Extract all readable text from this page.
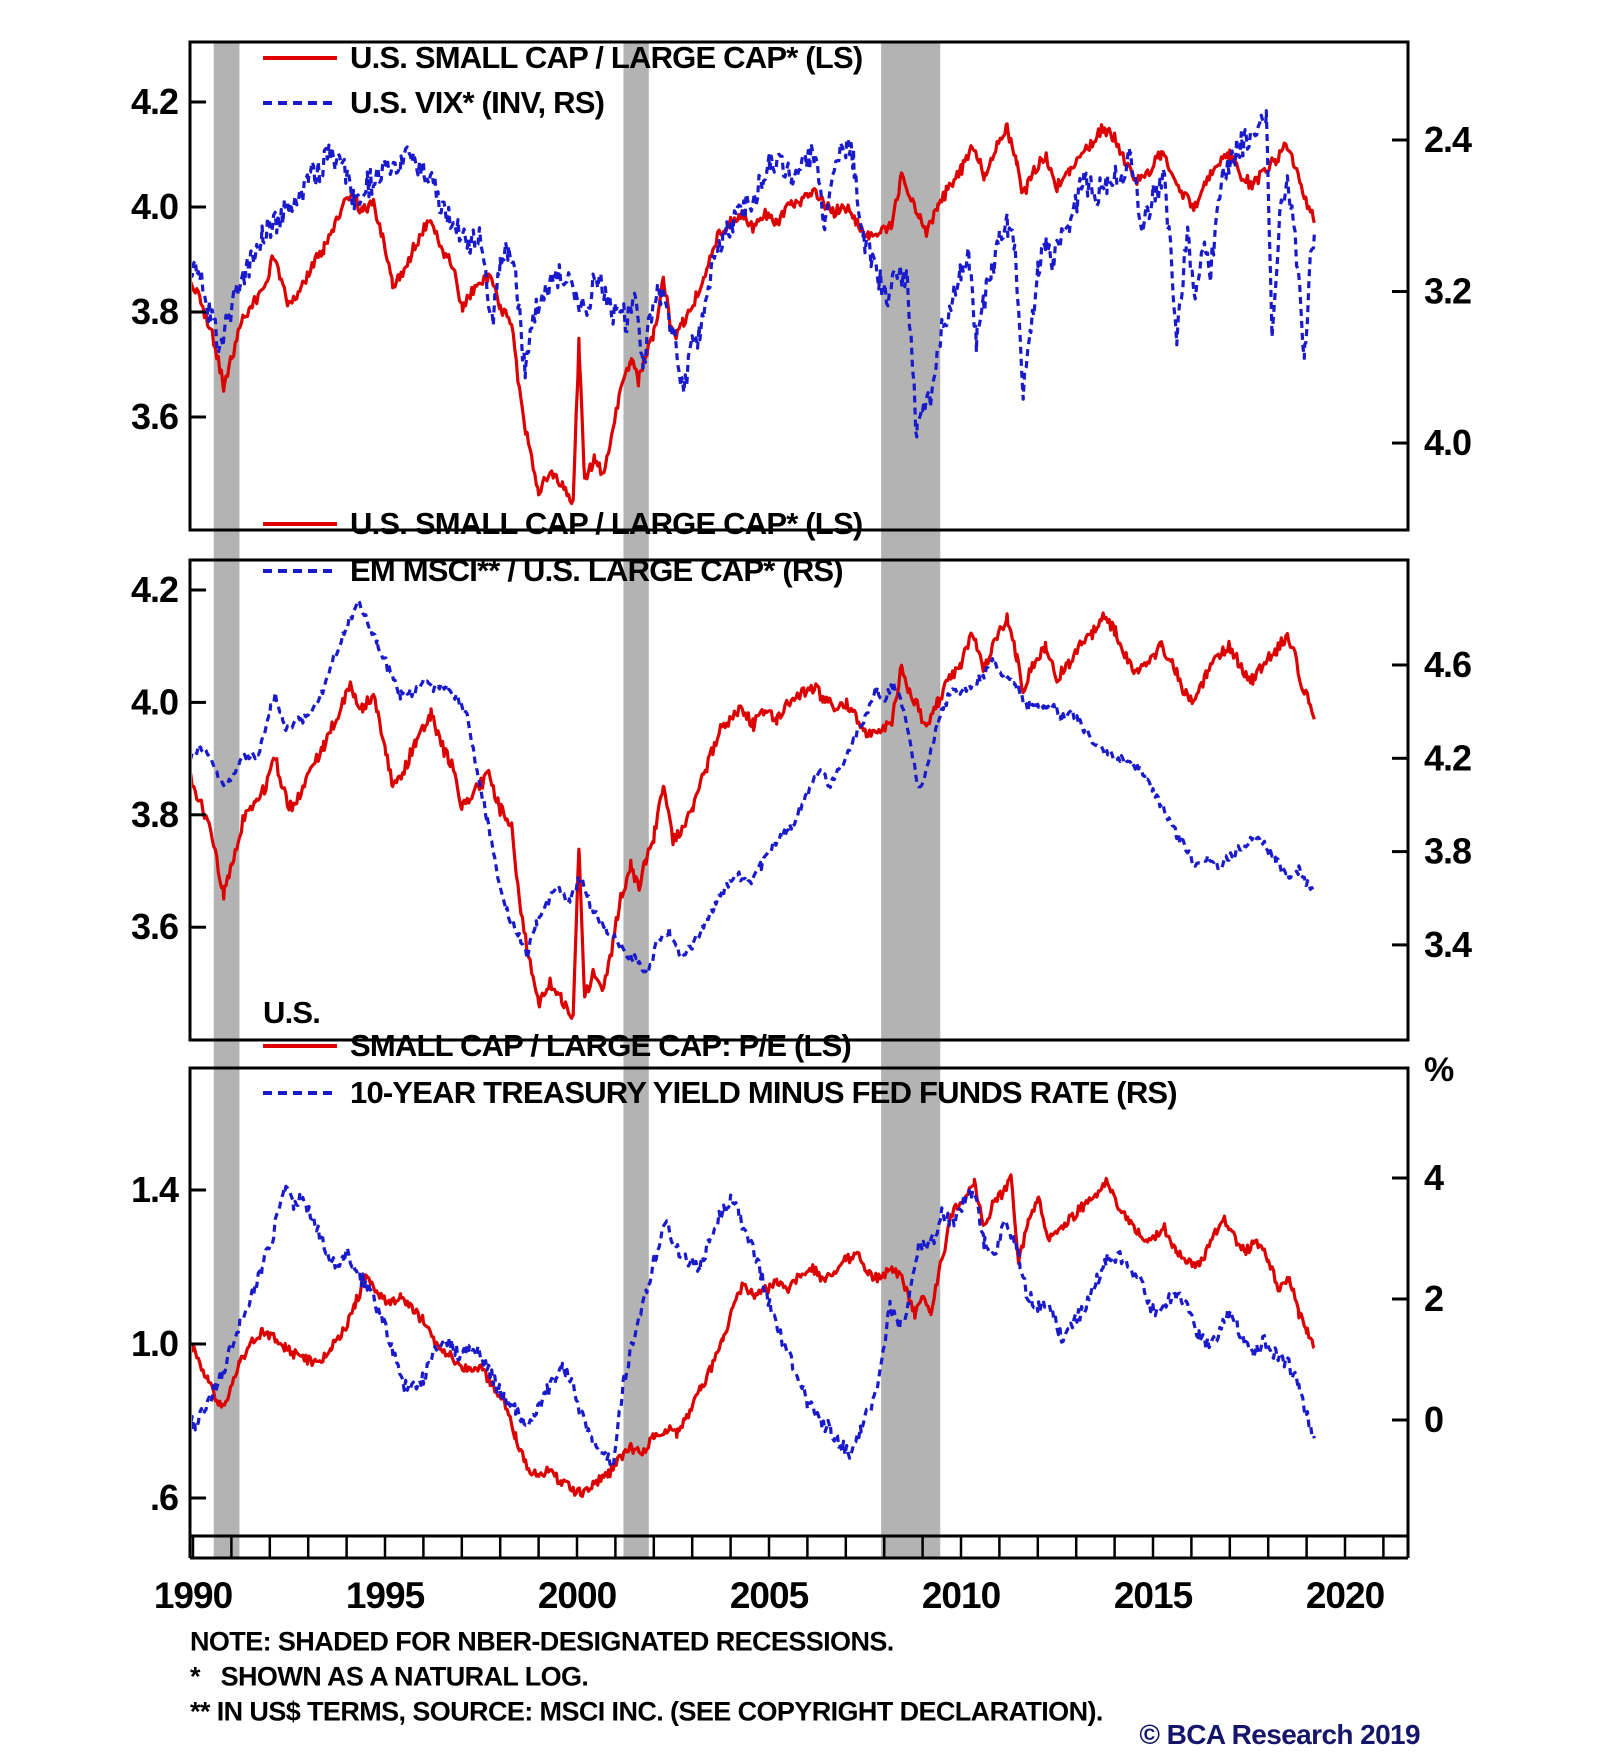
4.2
4.0
3.8
3.6
2.4
3.2
4.0
4.2
4.0
3.8
3.6
4.6
4.2
3.8
3.4
1.4
1.0
.6
4
2
0
%
1990	1995	2000	2005	2010	2015	2020
U.S. SMALL CAP / LARGE CAP* (LS)
U.S. VIX* (INV, RS)
U.S. SMALL CAP / LARGE CAP* (LS)
EM MSCI** / U.S. LARGE CAP* (RS)
U.S.
SMALL CAP / LARGE CAP: P/E (LS)
10-YEAR TREASURY YIELD MINUS FED FUNDS RATE (RS)
NOTE: SHADED FOR NBER-DESIGNATED RECESSIONS.
*   SHOWN AS A NATURAL LOG.
** IN US$ TERMS, SOURCE: MSCI INC. (SEE COPYRIGHT DECLARATION).
© BCA Research 2019
